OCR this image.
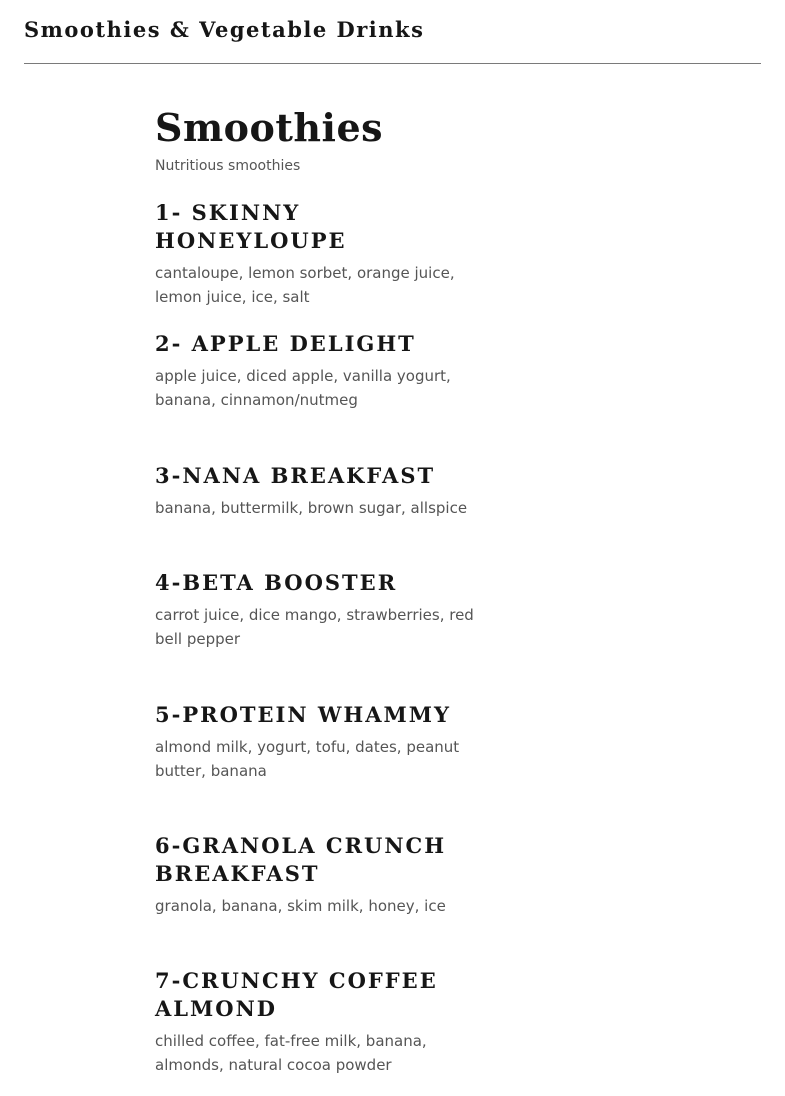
Smoothies & Vegetable Drinks
Smoothies

Nutritious smoothies

1- SKINNY HONEYLOUPE

cantaloupe, lemon sorbet, orange juice, lemon juice, ice, salt

2- APPLE DELIGHT

apple juice, diced apple, vanilla yogurt, banana, cinnamon/nutmeg

3-NANA BREAKFAST

banana, buttermilk, brown sugar, allspice

4-BETA BOOSTER

carrot juice, dice mango, strawberries, red bell pepper

5-PROTEIN WHAMMY

almond milk, yogurt, tofu, dates, peanut butter, banana

6-GRANOLA CRUNCH BREAKFAST

granola, banana, skim milk, honey, ice

7-CRUNCHY COFFEE ALMOND

chilled coffee, fat-free milk, banana, almonds, natural cocoa powder
